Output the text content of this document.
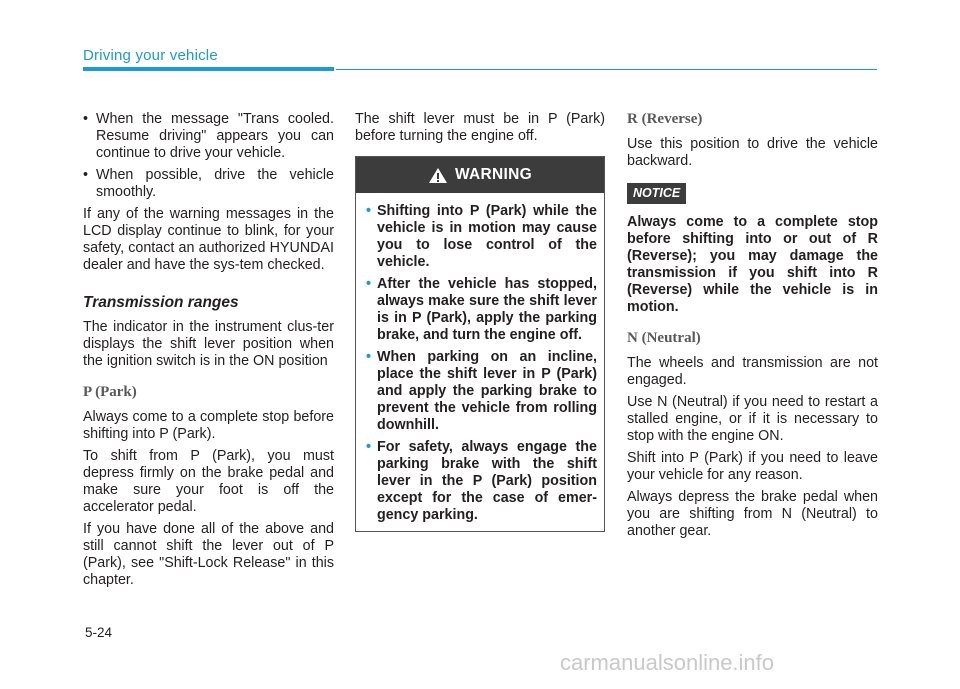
Driving your vehicle
• When the message "Trans cooled. Resume driving" appears you can continue to drive your vehicle.
• When possible, drive the vehicle smoothly.

If any of the warning messages in the LCD display continue to blink, for your safety, contact an authorized HYUNDAI dealer and have the sys-tem checked.

Transmission ranges

The indicator in the instrument clus-ter displays the shift lever position when the ignition switch is in the ON position

P (Park)

Always come to a complete stop before shifting into P (Park).

To shift from P (Park), you must depress firmly on the brake pedal and make sure your foot is off the accelerator pedal.

If you have done all of the above and still cannot shift the lever out of P (Park), see "Shift-Lock Release" in this chapter.

The shift lever must be in P (Park) before turning the engine off.

WARNING
• Shifting into P (Park) while the vehicle is in motion may cause you to lose control of the vehicle.
• After the vehicle has stopped, always make sure the shift lever is in P (Park), apply the parking brake, and turn the engine off.
• When parking on an incline, place the shift lever in P (Park) and apply the parking brake to prevent the vehicle from rolling downhill.
• For safety, always engage the parking brake with the shift lever in the P (Park) position except for the case of emer-gency parking.
R (Reverse)

Use this position to drive the vehicle backward.

NOTICE

Always come to a complete stop before shifting into or out of R (Reverse); you may damage the transmission if you shift into R (Reverse) while the vehicle is in motion.

N (Neutral)

The wheels and transmission are not engaged.

Use N (Neutral) if you need to restart a stalled engine, or if it is necessary to stop with the engine ON.

Shift into P (Park) if you need to leave your vehicle for any reason.

Always depress the brake pedal when you are shifting from N (Neutral) to another gear.

5-24
carmanualsonline.info
